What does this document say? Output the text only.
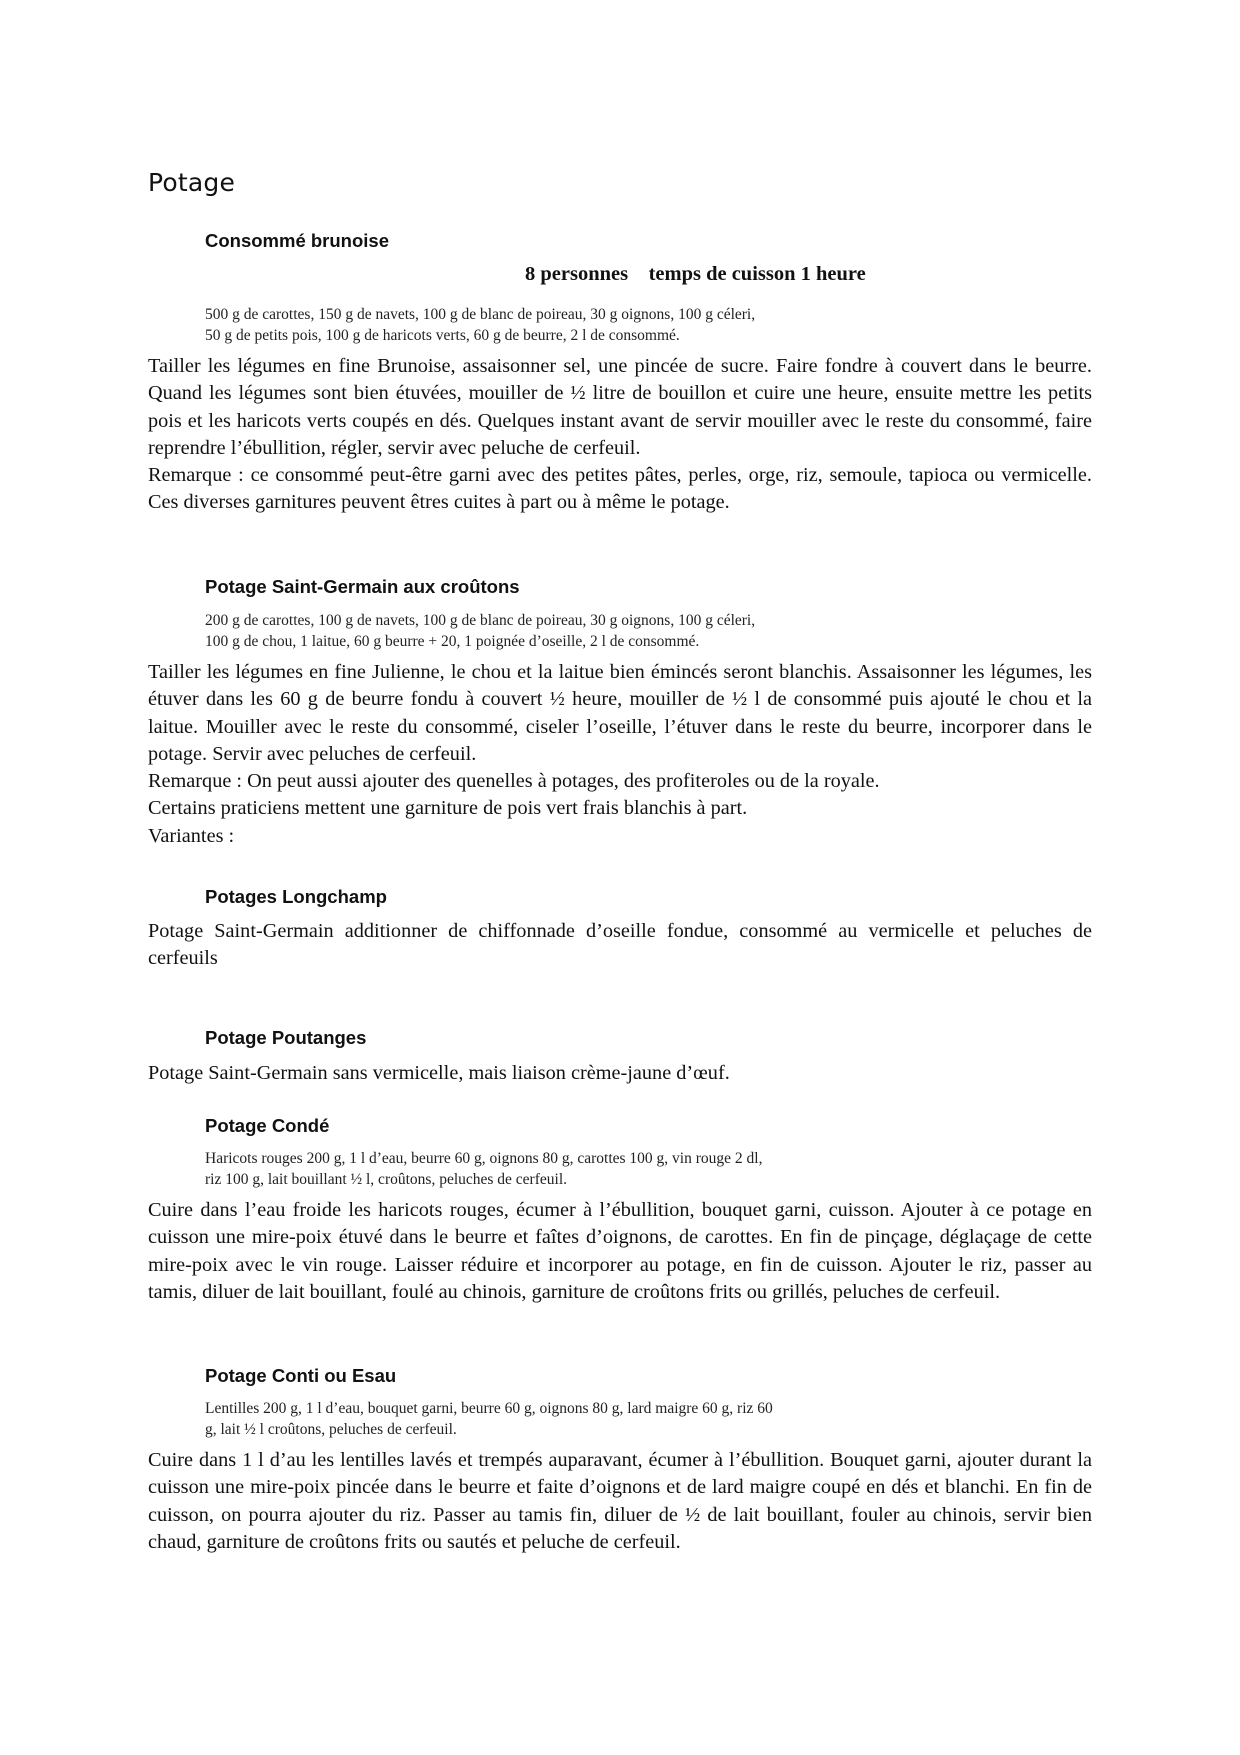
Potage
Consommé brunoise
8 personnes    temps de cuisson 1 heure
500 g de carottes, 150 g de navets, 100 g de blanc de poireau, 30 g oignons, 100 g céleri,
50 g de petits pois, 100 g de haricots verts, 60 g de beurre, 2 l de consommé.

Tailler les légumes en fine Brunoise, assaisonner sel, une pincée de sucre. Faire fondre à couvert dans le beurre. Quand les légumes sont bien étuvées, mouiller de ½ litre de bouillon et cuire une heure, ensuite mettre les petits pois et les haricots verts coupés en dés. Quelques instant avant de servir mouiller avec le reste du consommé, faire reprendre l’ébullition, régler, servir avec peluche de cerfeuil.

Remarque : ce consommé peut-être garni avec des petites pâtes, perles, orge, riz, semoule, tapioca ou vermicelle. Ces diverses garnitures peuvent êtres cuites à part ou à même le potage.

Potage Saint-Germain aux croûtons
200 g de carottes, 100 g de navets, 100 g de blanc de poireau, 30 g oignons, 100 g céleri,
100 g de chou, 1 laitue, 60 g beurre + 20, 1 poignée d’oseille, 2 l de consommé.

Tailler les légumes en fine Julienne, le chou et la laitue bien émincés seront blanchis. Assaisonner les légumes, les étuver dans les 60 g de beurre fondu à couvert ½ heure, mouiller de ½ l de consommé puis ajouté le chou et la laitue. Mouiller avec le reste du consommé, ciseler l’oseille, l’étuver dans le reste du beurre, incorporer dans le potage. Servir avec peluches de cerfeuil.

Remarque : On peut aussi ajouter des quenelles à potages, des profiteroles ou de la royale.

Certains praticiens mettent une garniture de pois vert frais blanchis à part.

Variantes :

Potages Longchamp

Potage Saint-Germain additionner de chiffonnade d’oseille fondue, consommé au vermicelle et peluches de cerfeuils

Potage Poutanges

Potage Saint-Germain sans vermicelle, mais liaison crème-jaune d’œuf.

Potage Condé
Haricots rouges 200 g, 1 l d’eau, beurre 60 g, oignons 80 g, carottes 100 g, vin rouge 2 dl,
riz 100 g, lait bouillant ½ l, croûtons, peluches de cerfeuil.

Cuire dans l’eau froide les haricots rouges, écumer à l’ébullition, bouquet garni, cuisson. Ajouter à ce potage en cuisson une mire-poix étuvé dans le beurre et faîtes d’oignons, de carottes. En fin de pinçage, déglaçage de cette mire-poix avec le vin rouge. Laisser réduire et incorporer au potage, en fin de cuisson. Ajouter le riz, passer au tamis, diluer de lait bouillant, foulé au chinois, garniture de croûtons frits ou grillés, peluches de cerfeuil.

Potage Conti ou Esau
Lentilles 200 g, 1 l d’eau, bouquet garni, beurre 60 g, oignons 80 g, lard maigre 60 g, riz 60
g, lait ½ l croûtons, peluches de cerfeuil.

Cuire dans 1 l d’au les lentilles lavés et trempés auparavant, écumer à l’ébullition. Bouquet garni, ajouter durant la cuisson une mire-poix pincée dans le beurre et faite d’oignons et de lard maigre coupé en dés et blanchi. En fin de cuisson, on pourra ajouter du riz. Passer au tamis fin, diluer de ½ de lait bouillant, fouler au chinois, servir bien chaud, garniture de croûtons frits ou sautés et peluche de cerfeuil.
